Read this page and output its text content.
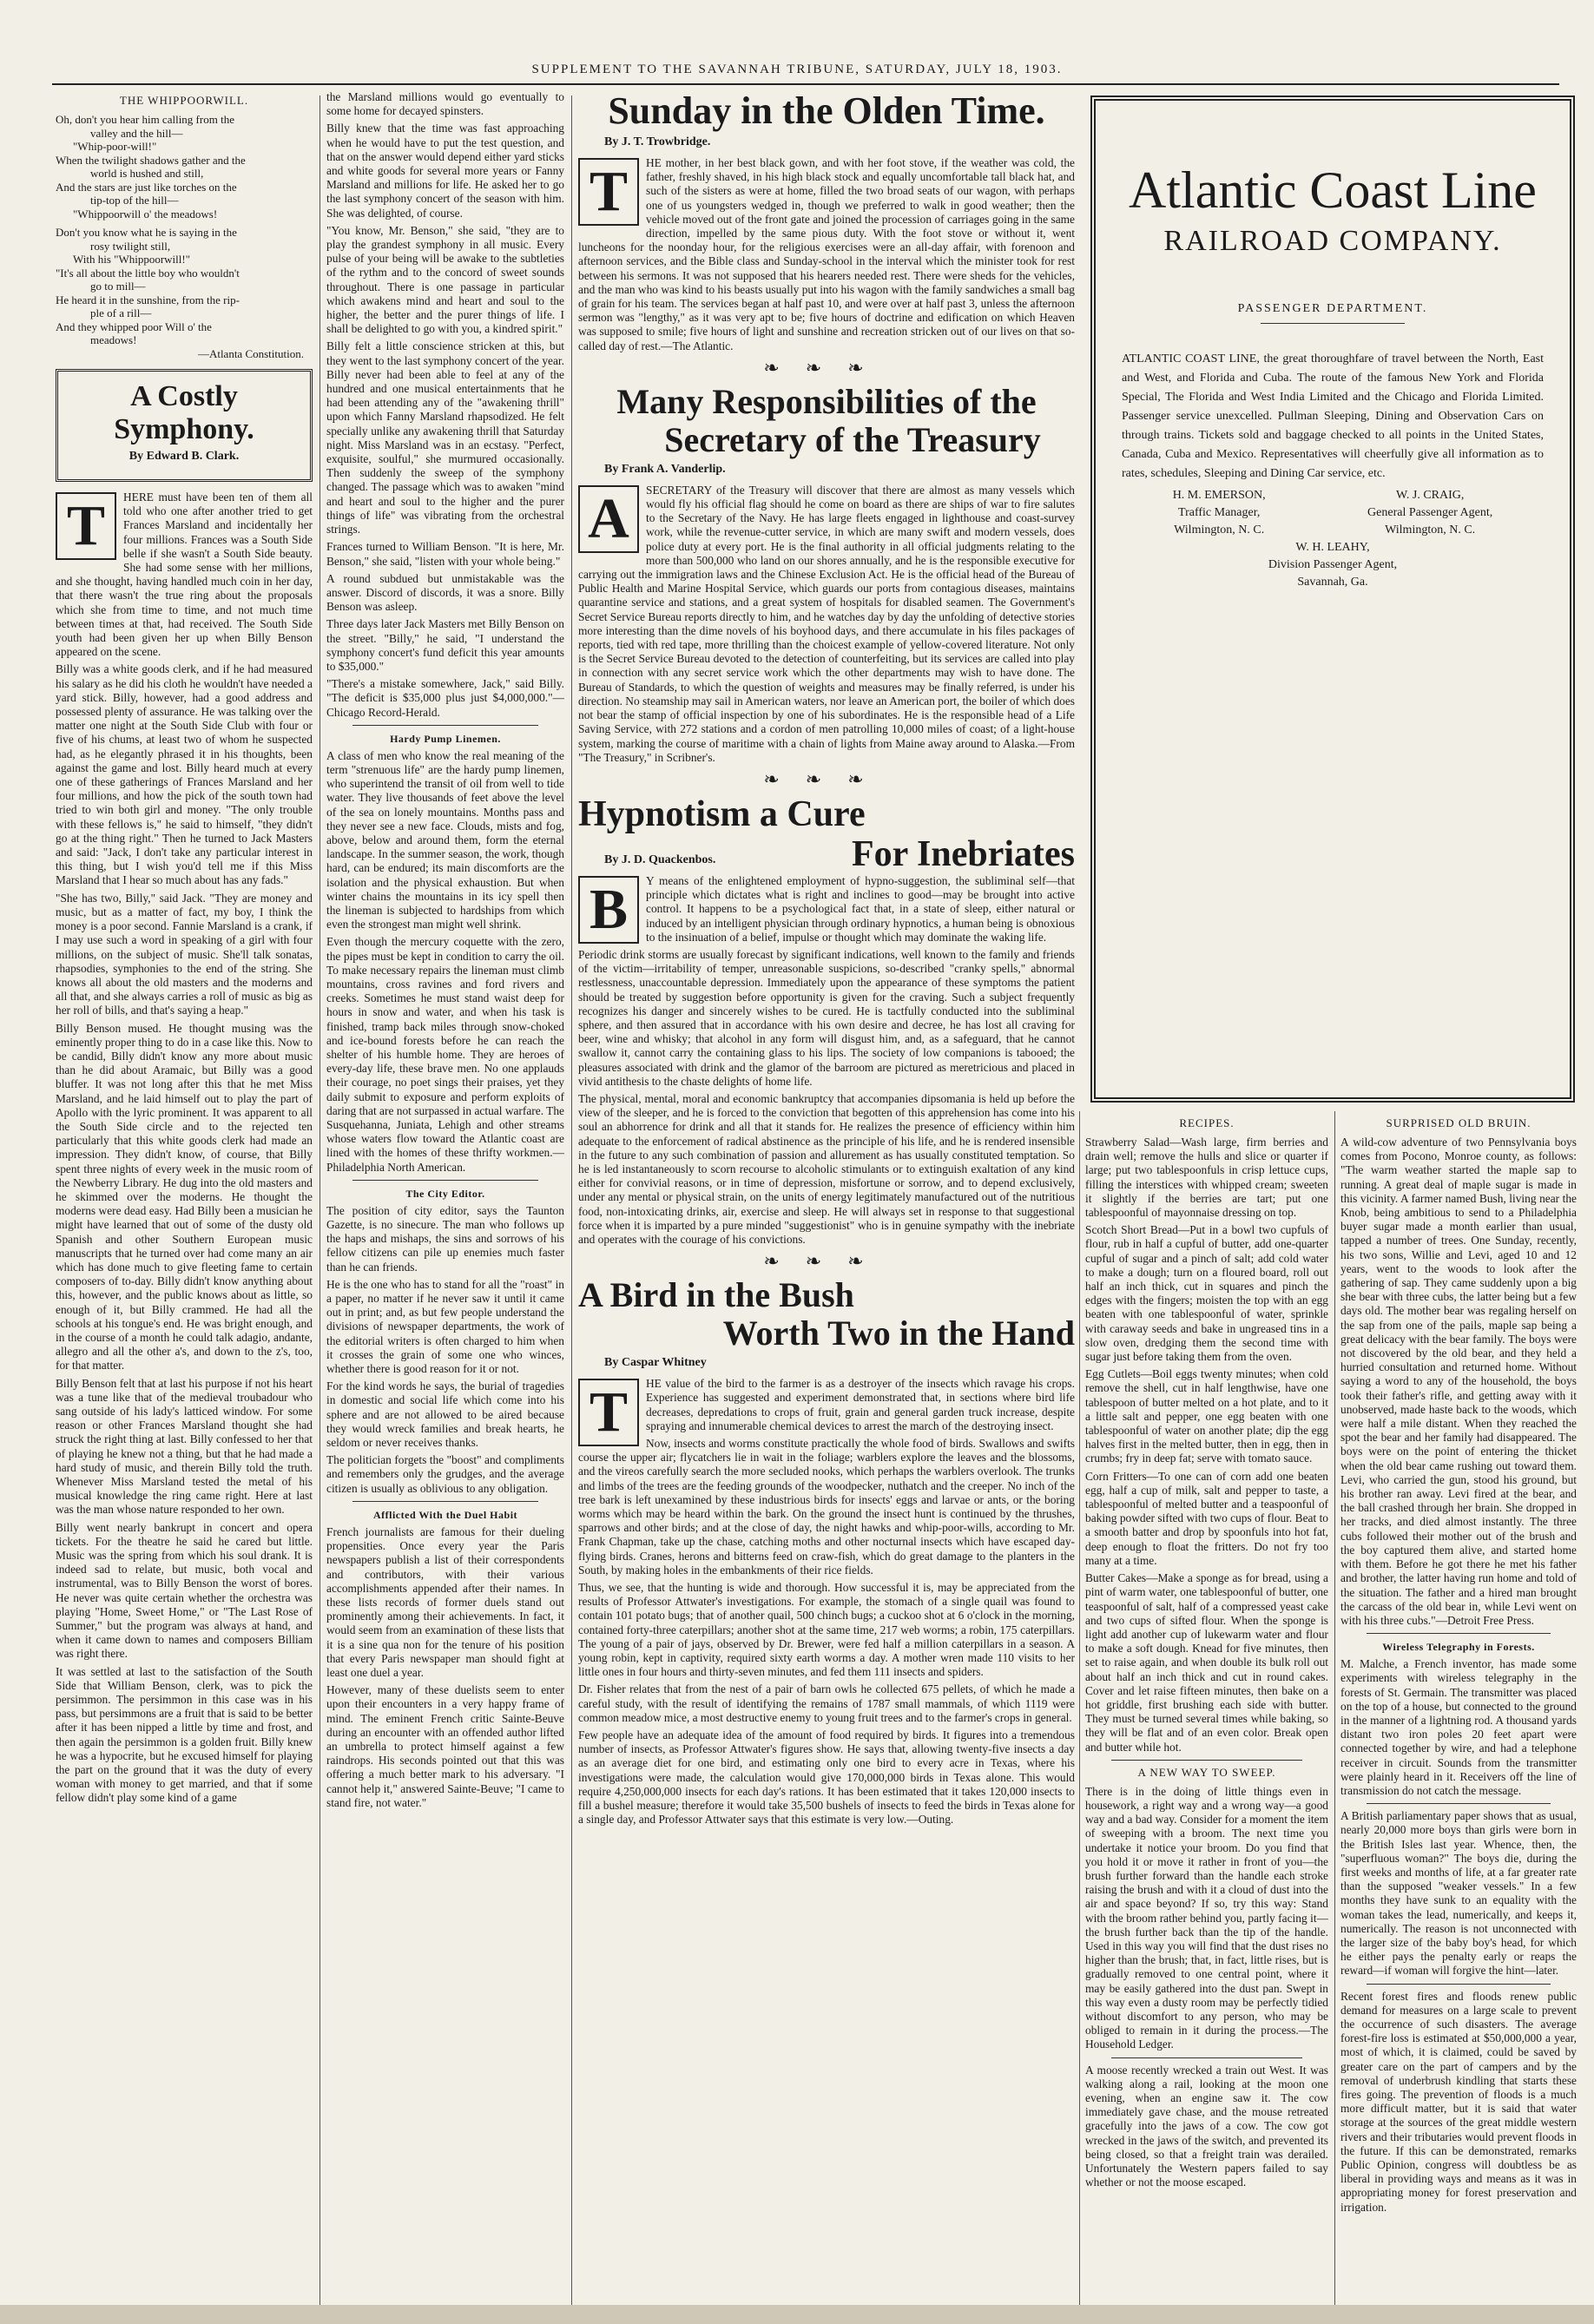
SUPPLEMENT TO THE SAVANNAH TRIBUNE, SATURDAY, JULY 18, 1903.
THE WHIPPOORWILL.

Oh, don't you hear him calling from the

valley and the hill—

"Whip-poor-will!"

When the twilight shadows gather and the

world is hushed and still,

And the stars are just like torches on the

tip-top of the hill—

"Whippoorwill o' the meadows!

Don't you know what he is saying in the

rosy twilight still,

With his "Whippoorwill!"

"It's all about the little boy who wouldn't

go to mill—

He heard it in the sunshine, from the rip-

ple of a rill—

And they whipped poor Will o' the

meadows!

—Atlanta Constitution.

A Costly Symphony.
By Edward B. Clark.

T	HERE must have been ten of them all told who one after another tried to get Frances Marsland and incidentally her four millions. Frances was a South Side belle if she wasn't a South Side beauty. She had some sense with her millions, and she thought, having handled much coin in her day, that there wasn't the true ring about the proposals which she from time to time, and not much time between times at that, had received. The South Side youth had been given her up when Billy Benson appeared on the scene.

Billy was a white goods clerk, and if he had measured his salary as he did his cloth he wouldn't have needed a yard stick. Billy, however, had a good address and possessed plenty of assurance. He was talking over the matter one night at the South Side Club with four or five of his chums, at least two of whom he suspected had, as he elegantly phrased it in his thoughts, been against the game and lost. Billy heard much at every one of these gatherings of Frances Marsland and her four millions, and how the pick of the south town had tried to win both girl and money. "The only trouble with these fellows is," he said to himself, "they didn't go at the thing right." Then he turned to Jack Masters and said: "Jack, I don't take any particular interest in this thing, but I wish you'd tell me if this Miss Marsland that I hear so much about has any fads."

"She has two, Billy," said Jack. "They are money and music, but as a matter of fact, my boy, I think the money is a poor second. Fannie Marsland is a crank, if I may use such a word in speaking of a girl with four millions, on the subject of music. She'll talk sonatas, rhapsodies, symphonies to the end of the string. She knows all about the old masters and the moderns and all that, and she always carries a roll of music as big as her roll of bills, and that's saying a heap."

Billy Benson mused. He thought musing was the eminently proper thing to do in a case like this. Now to be candid, Billy didn't know any more about music than he did about Aramaic, but Billy was a good bluffer. It was not long after this that he met Miss Marsland, and he laid himself out to play the part of Apollo with the lyric prominent. It was apparent to all the South Side circle and to the rejected ten particularly that this white goods clerk had made an impression. They didn't know, of course, that Billy spent three nights of every week in the music room of the Newberry Library. He dug into the old masters and he skimmed over the moderns. He thought the moderns were dead easy. Had Billy been a musician he might have learned that out of some of the dusty old Spanish and other Southern European music manuscripts that he turned over had come many an air which has done much to give fleeting fame to certain composers of to-day. Billy didn't know anything about this, however, and the public knows about as little, so enough of it, but Billy crammed. He had all the schools at his tongue's end. He was bright enough, and in the course of a month he could talk adagio, andante, allegro and all the other a's, and down to the z's, too, for that matter.

Billy Benson felt that at last his purpose if not his heart was a tune like that of the medieval troubadour who sang outside of his lady's latticed window. For some reason or other Frances Marsland thought she had struck the right thing at last. Billy confessed to her that of playing he knew not a thing, but that he had made a hard study of music, and therein Billy told the truth. Whenever Miss Marsland tested the metal of his musical knowledge the ring came right. Here at last was the man whose nature responded to her own.

Billy went nearly bankrupt in concert and opera tickets. For the theatre he said he cared but little. Music was the spring from which his soul drank. It is indeed sad to relate, but music, both vocal and instrumental, was to Billy Benson the worst of bores. He never was quite certain whether the orchestra was playing "Home, Sweet Home," or "The Last Rose of Summer," but the program was always at hand, and when it came down to names and composers Billiam was right there.

It was settled at last to the satisfaction of the South Side that William Benson, clerk, was to pick the persimmon. The persimmon in this case was in his pass, but persimmons are a fruit that is said to be better after it has been nipped a little by time and frost, and then again the persimmon is a golden fruit. Billy knew he was a hypocrite, but he excused himself for playing the part on the ground that it was the duty of every woman with money to get married, and that if some fellow didn't play some kind of a game

the Marsland millions would go eventually to some home for decayed spinsters.

Billy knew that the time was fast approaching when he would have to put the test question, and that on the answer would depend either yard sticks and white goods for several more years or Fanny Marsland and millions for life. He asked her to go the last symphony concert of the season with him. She was delighted, of course.

"You know, Mr. Benson," she said, "they are to play the grandest symphony in all music. Every pulse of your being will be awake to the subtleties of the rythm and to the concord of sweet sounds throughout. There is one passage in particular which awakens mind and heart and soul to the higher, the better and the purer things of life. I shall be delighted to go with you, a kindred spirit."

Billy felt a little conscience stricken at this, but they went to the last symphony concert of the year. Billy never had been able to feel at any of the hundred and one musical entertainments that he had been attending any of the "awakening thrill" upon which Fanny Marsland rhapsodized. He felt specially unlike any awakening thrill that Saturday night. Miss Marsland was in an ecstasy. "Perfect, exquisite, soulful," she murmured occasionally. Then suddenly the sweep of the symphony changed. The passage which was to awaken "mind and heart and soul to the higher and the purer things of life" was vibrating from the orchestral strings.

Frances turned to William Benson. "It is here, Mr. Benson," she said, "listen with your whole being."

A round subdued but unmistakable was the answer. Discord of discords, it was a snore. Billy Benson was asleep.

Three days later Jack Masters met Billy Benson on the street. "Billy," he said, "I understand the symphony concert's fund deficit this year amounts to $35,000."

"There's a mistake somewhere, Jack," said Billy. "The deficit is $35,000 plus just $4,000,000."—Chicago Record-Herald.

Hardy Pump Linemen.

A class of men who know the real meaning of the term "strenuous life" are the hardy pump linemen, who superintend the transit of oil from well to tide water. They live thousands of feet above the level of the sea on lonely mountains. Months pass and they never see a new face. Clouds, mists and fog, above, below and around them, form the eternal landscape. In the summer season, the work, though hard, can be endured; its main discomforts are the isolation and the physical exhaustion. But when winter chains the mountains in its icy spell then the lineman is subjected to hardships from which even the strongest man might well shrink.

Even though the mercury coquette with the zero, the pipes must be kept in condition to carry the oil. To make necessary repairs the lineman must climb mountains, cross ravines and ford rivers and creeks. Sometimes he must stand waist deep for hours in snow and water, and when his task is finished, tramp back miles through snow-choked and ice-bound forests before he can reach the shelter of his humble home. They are heroes of every-day life, these brave men. No one applauds their courage, no poet sings their praises, yet they daily submit to exposure and perform exploits of daring that are not surpassed in actual warfare. The Susquehanna, Juniata, Lehigh and other streams whose waters flow toward the Atlantic coast are lined with the homes of these thrifty workmen.—Philadelphia North American.

The City Editor.

The position of city editor, says the Taunton Gazette, is no sinecure. The man who follows up the haps and mishaps, the sins and sorrows of his fellow citizens can pile up enemies much faster than he can friends.

He is the one who has to stand for all the "roast" in a paper, no matter if he never saw it until it came out in print; and, as but few people understand the divisions of newspaper departments, the work of the editorial writers is often charged to him when it crosses the grain of some one who winces, whether there is good reason for it or not.

For the kind words he says, the burial of tragedies in domestic and social life which come into his sphere and are not allowed to be aired because they would wreck families and break hearts, he seldom or never receives thanks.

The politician forgets the "boost" and compliments and remembers only the grudges, and the average citizen is usually as oblivious to any obligation.

Afflicted With the Duel Habit

French journalists are famous for their dueling propensities. Once every year the Paris newspapers publish a list of their correspondents and contributors, with their various accomplishments appended after their names. In these lists records of former duels stand out prominently among their achievements. In fact, it would seem from an examination of these lists that it is a sine qua non for the tenure of his position that every Paris newspaper man should fight at least one duel a year.

However, many of these duelists seem to enter upon their encounters in a very happy frame of mind. The eminent French critic Sainte-Beuve during an encounter with an offended author lifted an umbrella to protect himself against a few raindrops. His seconds pointed out that this was offering a much better mark to his adversary. "I cannot help it," answered Sainte-Beuve; "I came to stand fire, not water."

Sunday in the Olden Time.
By J. T. Trowbridge.

T	HE mother, in her best black gown, and with her foot stove, if the weather was cold, the father, freshly shaved, in his high black stock and equally uncomfortable tall black hat, and such of the sisters as were at home, filled the two broad seats of our wagon, with perhaps one of us youngsters wedged in, though we preferred to walk in good weather; then the vehicle moved out of the front gate and joined the procession of carriages going in the same direction, impelled by the same pious duty. With the foot stove or without it, went luncheons for the noonday hour, for the religious exercises were an all-day affair, with forenoon and afternoon services, and the Bible class and Sunday-school in the interval which the minister took for rest between his sermons. It was not supposed that his hearers needed rest. There were sheds for the vehicles, and the man who was kind to his beasts usually put into his wagon with the family sandwiches a small bag of grain for his team. The services began at half past 10, and were over at half past 3, unless the afternoon sermon was "lengthy," as it was very apt to be; five hours of doctrine and edification on which Heaven was supposed to smile; five hours of light and sunshine and recreation stricken out of our lives on that so-called day of rest.—The Atlantic.

❧❧❧
Many Responsibilities of the
Secretary of the Treasury
By Frank A. Vanderlip.

A	SECRETARY of the Treasury will discover that there are almost as many vessels which would fly his official flag should he come on board as there are ships of war to fire salutes to the Secretary of the Navy. He has large fleets engaged in lighthouse and coast-survey work, while the revenue-cutter service, in which are many swift and modern vessels, does police duty at every port. He is the final authority in all official judgments relating to the more than 500,000 who land on our shores annually, and he is the responsible executive for carrying out the immigration laws and the Chinese Exclusion Act. He is the official head of the Bureau of Public Health and Marine Hospital Service, which guards our ports from contagious diseases, maintains quarantine service and stations, and a great system of hospitals for disabled seamen. The Government's Secret Service Bureau reports directly to him, and he watches day by day the unfolding of detective stories more interesting than the dime novels of his boyhood days, and there accumulate in his files packages of reports, tied with red tape, more thrilling than the choicest example of yellow-covered literature. Not only is the Secret Service Bureau devoted to the detection of counterfeiting, but its services are called into play in connection with any secret service work which the other departments may wish to have done. The Bureau of Standards, to which the question of weights and measures may be finally referred, is under his direction. No steamship may sail in American waters, nor leave an American port, the boiler of which does not bear the stamp of official inspection by one of his subordinates. He is the responsible head of a Life Saving Service, with 272 stations and a cordon of men patrolling 10,000 miles of coast; of a light-house system, marking the course of maritime with a chain of lights from Maine away around to Alaska.—From "The Treasury," in Scribner's.

❧❧❧
Hypnotism a Cure
By J. D. Quackenbos.	For Inebriates

B	Y means of the enlightened employment of hypno-suggestion, the subliminal self—that principle which dictates what is right and inclines to good—may be brought into active control. It happens to be a psychological fact that, in a state of sleep, either natural or induced by an intelligent physician through ordinary hypnotics, a human being is obnoxious to the insinuation of a belief, impulse or thought which may dominate the waking life.

Periodic drink storms are usually forecast by significant indications, well known to the family and friends of the victim—irritability of temper, unreasonable suspicions, so-described "cranky spells," abnormal restlessness, unaccountable depression. Immediately upon the appearance of these symptoms the patient should be treated by suggestion before opportunity is given for the craving. Such a subject frequently recognizes his danger and sincerely wishes to be cured. He is tactfully conducted into the subliminal sphere, and then assured that in accordance with his own desire and decree, he has lost all craving for beer, wine and whisky; that alcohol in any form will disgust him, and, as a safeguard, that he cannot swallow it, cannot carry the containing glass to his lips. The society of low companions is tabooed; the pleasures associated with drink and the glamor of the barroom are pictured as meretricious and placed in vivid antithesis to the chaste delights of home life.

The physical, mental, moral and economic bankruptcy that accompanies dipsomania is held up before the view of the sleeper, and he is forced to the conviction that begotten of this apprehension has come into his soul an abhorrence for drink and all that it stands for. He realizes the presence of efficiency within him adequate to the enforcement of radical abstinence as the principle of his life, and he is rendered insensible in the future to any such combination of passion and allurement as has usually constituted temptation. So he is led instantaneously to scorn recourse to alcoholic stimulants or to extinguish exaltation of any kind either for convivial reasons, or in time of depression, misfortune or sorrow, and to depend exclusively, under any mental or physical strain, on the units of energy legitimately manufactured out of the nutritious food, non-intoxicating drinks, air, exercise and sleep. He will always set in response to that suggestional force when it is imparted by a pure minded "suggestionist" who is in genuine sympathy with the inebriate and operates with the courage of his convictions.

❧❧❧
A Bird in the Bush
Worth Two in the Hand
By Caspar Whitney

T	HE value of the bird to the farmer is as a destroyer of the insects which ravage his crops. Experience has suggested and experiment demonstrated that, in sections where bird life decreases, depredations to crops of fruit, grain and general garden truck increase, despite spraying and innumerable chemical devices to arrest the march of the destroying insect.

Now, insects and worms constitute practically the whole food of birds. Swallows and swifts course the upper air; flycatchers lie in wait in the foliage; warblers explore the leaves and the blossoms, and the vireos carefully search the more secluded nooks, which perhaps the warblers overlook. The trunks and limbs of the trees are the feeding grounds of the woodpecker, nuthatch and the creeper. No inch of the tree bark is left unexamined by these industrious birds for insects' eggs and larvae or ants, or the boring worms which may be heard within the bark. On the ground the insect hunt is continued by the thrushes, sparrows and other birds; and at the close of day, the night hawks and whip-poor-wills, according to Mr. Frank Chapman, take up the chase, catching moths and other nocturnal insects which have escaped day-flying birds. Cranes, herons and bitterns feed on craw-fish, which do great damage to the planters in the South, by making holes in the embankments of their rice fields.

Thus, we see, that the hunting is wide and thorough. How successful it is, may be appreciated from the results of Professor Attwater's investigations. For example, the stomach of a single quail was found to contain 101 potato bugs; that of another quail, 500 chinch bugs; a cuckoo shot at 6 o'clock in the morning, contained forty-three caterpillars; another shot at the same time, 217 web worms; a robin, 175 caterpillars. The young of a pair of jays, observed by Dr. Brewer, were fed half a million caterpillars in a season. A young robin, kept in captivity, required sixty earth worms a day. A mother wren made 110 visits to her little ones in four hours and thirty-seven minutes, and fed them 111 insects and spiders.

Dr. Fisher relates that from the nest of a pair of barn owls he collected 675 pellets, of which he made a careful study, with the result of identifying the remains of 1787 small mammals, of which 1119 were common meadow mice, a most destructive enemy to young fruit trees and to the farmer's crops in general.

Few people have an adequate idea of the amount of food required by birds. It figures into a tremendous number of insects, as Professor Attwater's figures show. He says that, allowing twenty-five insects a day as an average diet for one bird, and estimating only one bird to every acre in Texas, where his investigations were made, the calculation would give 170,000,000 birds in Texas alone. This would require 4,250,000,000 insects for each day's rations. It has been estimated that it takes 120,000 insects to fill a bushel measure; therefore it would take 35,500 bushels of insects to feed the birds in Texas alone for a single day, and Professor Attwater says that this estimate is very low.—Outing.

Atlantic Coast Line
RAILROAD COMPANY.
PASSENGER DEPARTMENT.
ATLANTIC COAST LINE, the great thoroughfare of travel between the North, East and West, and Florida and Cuba. The route of the famous New York and Florida Special, The Florida and West India Limited and the Chicago and Florida Limited. Passenger service unexcelled. Pullman Sleeping, Dining and Observation Cars on through trains. Tickets sold and baggage checked to all points in the United States, Canada, Cuba and Mexico. Representatives will cheerfully give all information as to rates, schedules, Sleeping and Dining Car service, etc.
H. M. EMERSON,
Traffic Manager,
Wilmington, N. C.
W. J. CRAIG,
General Passenger Agent,
Wilmington, N. C.
W. H. LEAHY,
Division Passenger Agent,
Savannah, Ga.
RECIPES.

Strawberry Salad—Wash large, firm berries and drain well; remove the hulls and slice or quarter if large; put two tablespoonfuls in crisp lettuce cups, filling the interstices with whipped cream; sweeten it slightly if the berries are tart; put one tablespoonful of mayonnaise dressing on top.

Scotch Short Bread—Put in a bowl two cupfuls of flour, rub in half a cupful of butter, add one-quarter cupful of sugar and a pinch of salt; add cold water to make a dough; turn on a floured board, roll out half an inch thick, cut in squares and pinch the edges with the fingers; moisten the top with an egg beaten with one tablespoonful of water, sprinkle with caraway seeds and bake in ungreased tins in a slow oven, dredging them the second time with sugar just before taking them from the oven.

Egg Cutlets—Boil eggs twenty minutes; when cold remove the shell, cut in half lengthwise, have one tablespoon of butter melted on a hot plate, and to it a little salt and pepper, one egg beaten with one tablespoonful of water on another plate; dip the egg halves first in the melted butter, then in egg, then in crumbs; fry in deep fat; serve with tomato sauce.

Corn Fritters—To one can of corn add one beaten egg, half a cup of milk, salt and pepper to taste, a tablespoonful of melted butter and a teaspoonful of baking powder sifted with two cups of flour. Beat to a smooth batter and drop by spoonfuls into hot fat, deep enough to float the fritters. Do not fry too many at a time.

Butter Cakes—Make a sponge as for bread, using a pint of warm water, one tablespoonful of butter, one teaspoonful of salt, half of a compressed yeast cake and two cups of sifted flour. When the sponge is light add another cup of lukewarm water and flour to make a soft dough. Knead for five minutes, then set to raise again, and when double its bulk roll out about half an inch thick and cut in round cakes. Cover and let raise fifteen minutes, then bake on a hot griddle, first brushing each side with butter. They must be turned several times while baking, so they will be flat and of an even color. Break open and butter while hot.

A NEW WAY TO SWEEP.

There is in the doing of little things even in housework, a right way and a wrong way—a good way and a bad way. Consider for a moment the item of sweeping with a broom. The next time you undertake it notice your broom. Do you find that you hold it or move it rather in front of you—the brush further forward than the handle each stroke raising the brush and with it a cloud of dust into the air and space beyond? If so, try this way: Stand with the broom rather behind you, partly facing it—the brush further back than the tip of the handle. Used in this way you will find that the dust rises no higher than the brush; that, in fact, little rises, but is gradually removed to one central point, where it may be easily gathered into the dust pan. Swept in this way even a dusty room may be perfectly tidied without discomfort to any person, who may be obliged to remain in it during the process.—The Household Ledger.

A moose recently wrecked a train out West. It was walking along a rail, looking at the moon one evening, when an engine saw it. The cow immediately gave chase, and the mouse retreated gracefully into the jaws of a cow. The cow got wrecked in the jaws of the switch, and prevented its being closed, so that a freight train was derailed. Unfortunately the Western papers failed to say whether or not the moose escaped.

SURPRISED OLD BRUIN.

A wild-cow adventure of two Pennsylvania boys comes from Pocono, Monroe county, as follows: "The warm weather started the maple sap to running. A great deal of maple sugar is made in this vicinity. A farmer named Bush, living near the Knob, being ambitious to send to a Philadelphia buyer sugar made a month earlier than usual, tapped a number of trees. One Sunday, recently, his two sons, Willie and Levi, aged 10 and 12 years, went to the woods to look after the gathering of sap. They came suddenly upon a big she bear with three cubs, the latter being but a few days old. The mother bear was regaling herself on the sap from one of the pails, maple sap being a great delicacy with the bear family. The boys were not discovered by the old bear, and they held a hurried consultation and returned home. Without saying a word to any of the household, the boys took their father's rifle, and getting away with it unobserved, made haste back to the woods, which were half a mile distant. When they reached the spot the bear and her family had disappeared. The boys were on the point of entering the thicket when the old bear came rushing out toward them. Levi, who carried the gun, stood his ground, but his brother ran away. Levi fired at the bear, and the ball crashed through her brain. She dropped in her tracks, and died almost instantly. The three cubs followed their mother out of the brush and the boy captured them alive, and started home with them. Before he got there he met his father and brother, the latter having run home and told of the situation. The father and a hired man brought the carcass of the old bear in, while Levi went on with his three cubs."—Detroit Free Press.

Wireless Telegraphy in Forests.

M. Malche, a French inventor, has made some experiments with wireless telegraphy in the forests of St. Germain. The transmitter was placed on the top of a house, but connected to the ground in the manner of a lightning rod. A thousand yards distant two iron poles 20 feet apart were connected together by wire, and had a telephone receiver in circuit. Sounds from the transmitter were plainly heard in it. Receivers off the line of transmission do not catch the message.

A British parliamentary paper shows that as usual, nearly 20,000 more boys than girls were born in the British Isles last year. Whence, then, the "superfluous woman?" The boys die, during the first weeks and months of life, at a far greater rate than the supposed "weaker vessels." In a few months they have sunk to an equality with the woman takes the lead, numerically, and keeps it, numerically. The reason is not unconnected with the larger size of the baby boy's head, for which he either pays the penalty early or reaps the reward—if woman will forgive the hint—later.

Recent forest fires and floods renew public demand for measures on a large scale to prevent the occurrence of such disasters. The average forest-fire loss is estimated at $50,000,000 a year, most of which, it is claimed, could be saved by greater care on the part of campers and by the removal of underbrush kindling that starts these fires going. The prevention of floods is a much more difficult matter, but it is said that water storage at the sources of the great middle western rivers and their tributaries would prevent floods in the future. If this can be demonstrated, remarks Public Opinion, congress will doubtless be as liberal in providing ways and means as it was in appropriating money for forest preservation and irrigation.
